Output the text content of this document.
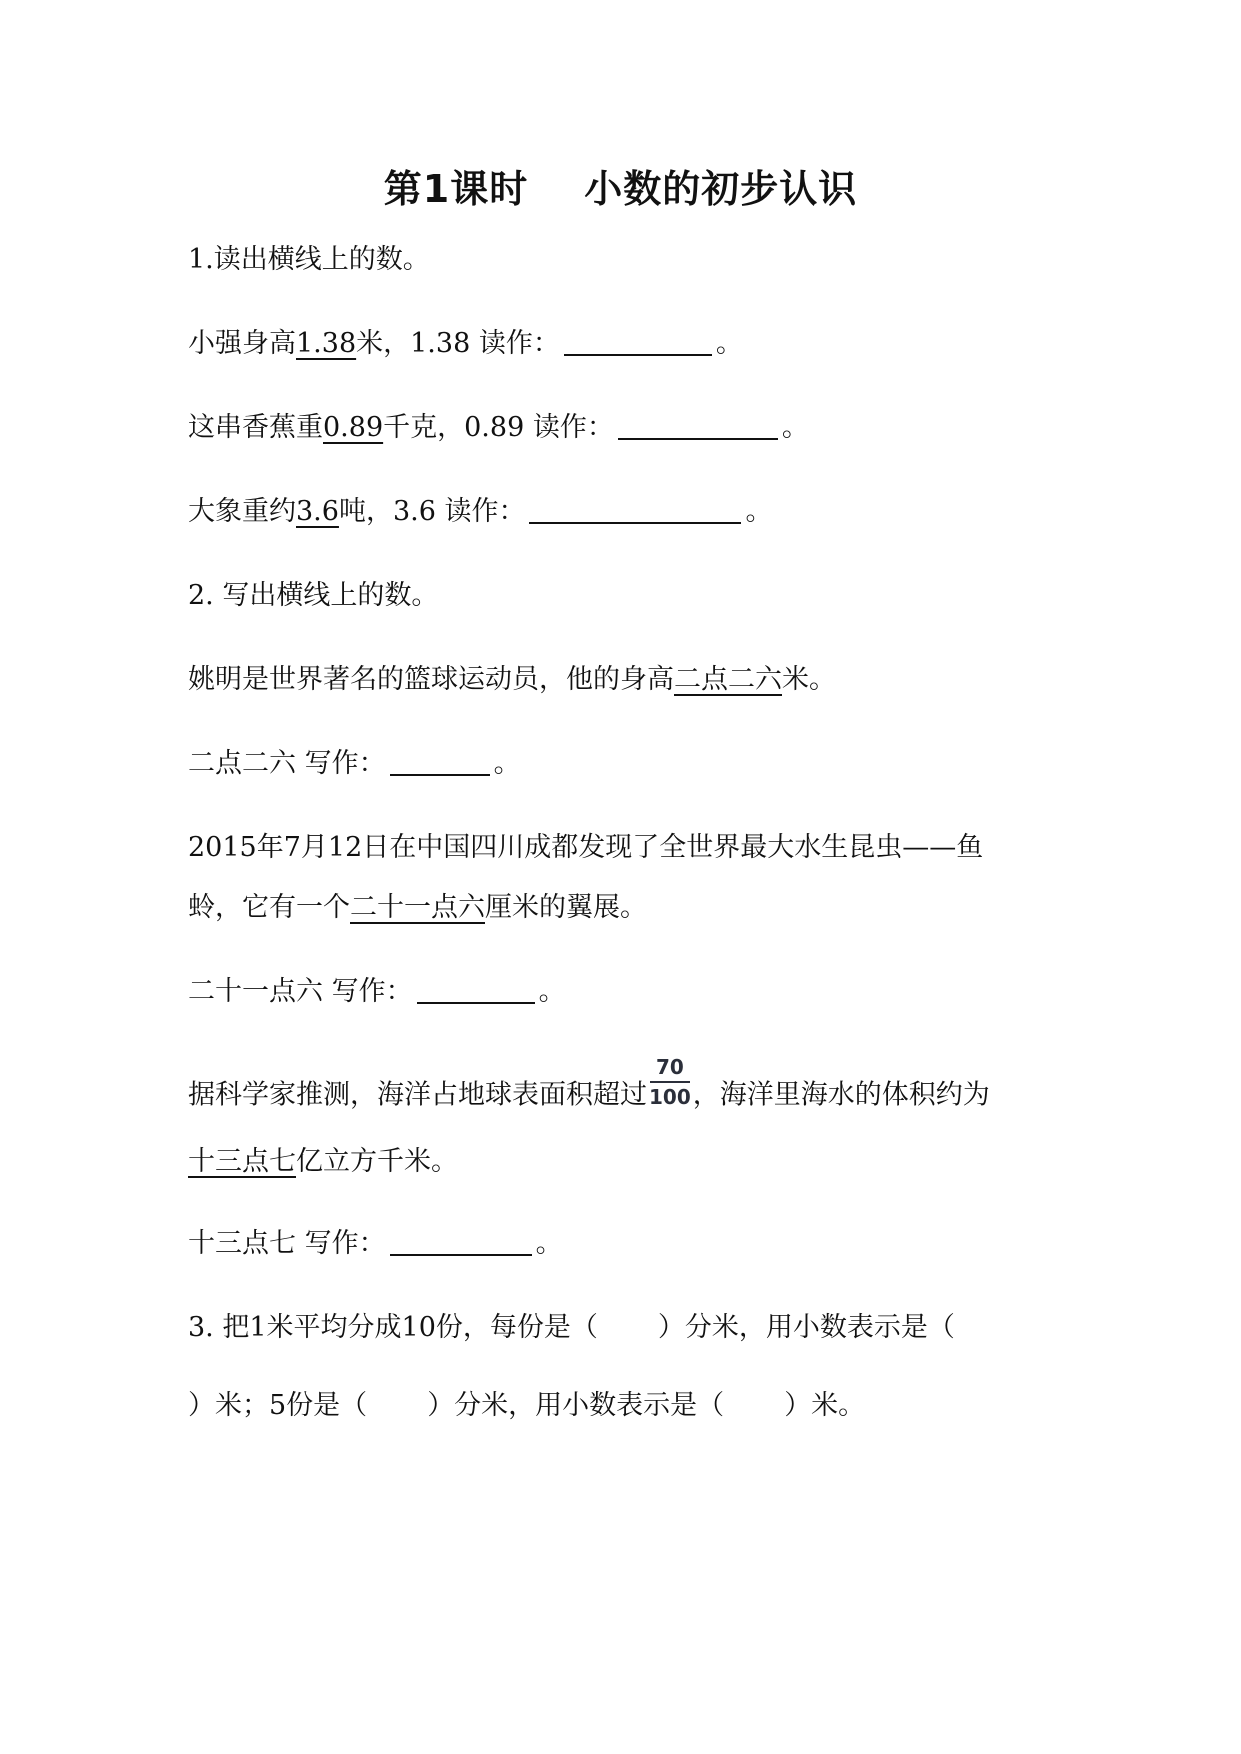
第1课时 小数的初步认识
1.读出横线上的数。
小强身高1.38米，1.38 读作：	。
这串香蕉重0.89千克，0.89 读作：	。
大象重约3.6吨，3.6 读作：	。
2. 写出横线上的数。
姚明是世界著名的篮球运动员，他的身高二点二六米。
二点二六 写作：	。
2015年7月12日在中国四川成都发现了全世界最大水生昆虫——鱼
蛉，它有一个二十一点六厘米的翼展。
二十一点六 写作：	。
据科学家推测，海洋占地球表面积超过 $\frac{70}{100}$ ，海洋里海水的体积约为
十三点七亿立方千米。
十三点七 写作：	。
3. 把1米平均分成10份，每份是（ ）分米，用小数表示是（
）米；5份是（ ）分米，用小数表示是（ ）米。
